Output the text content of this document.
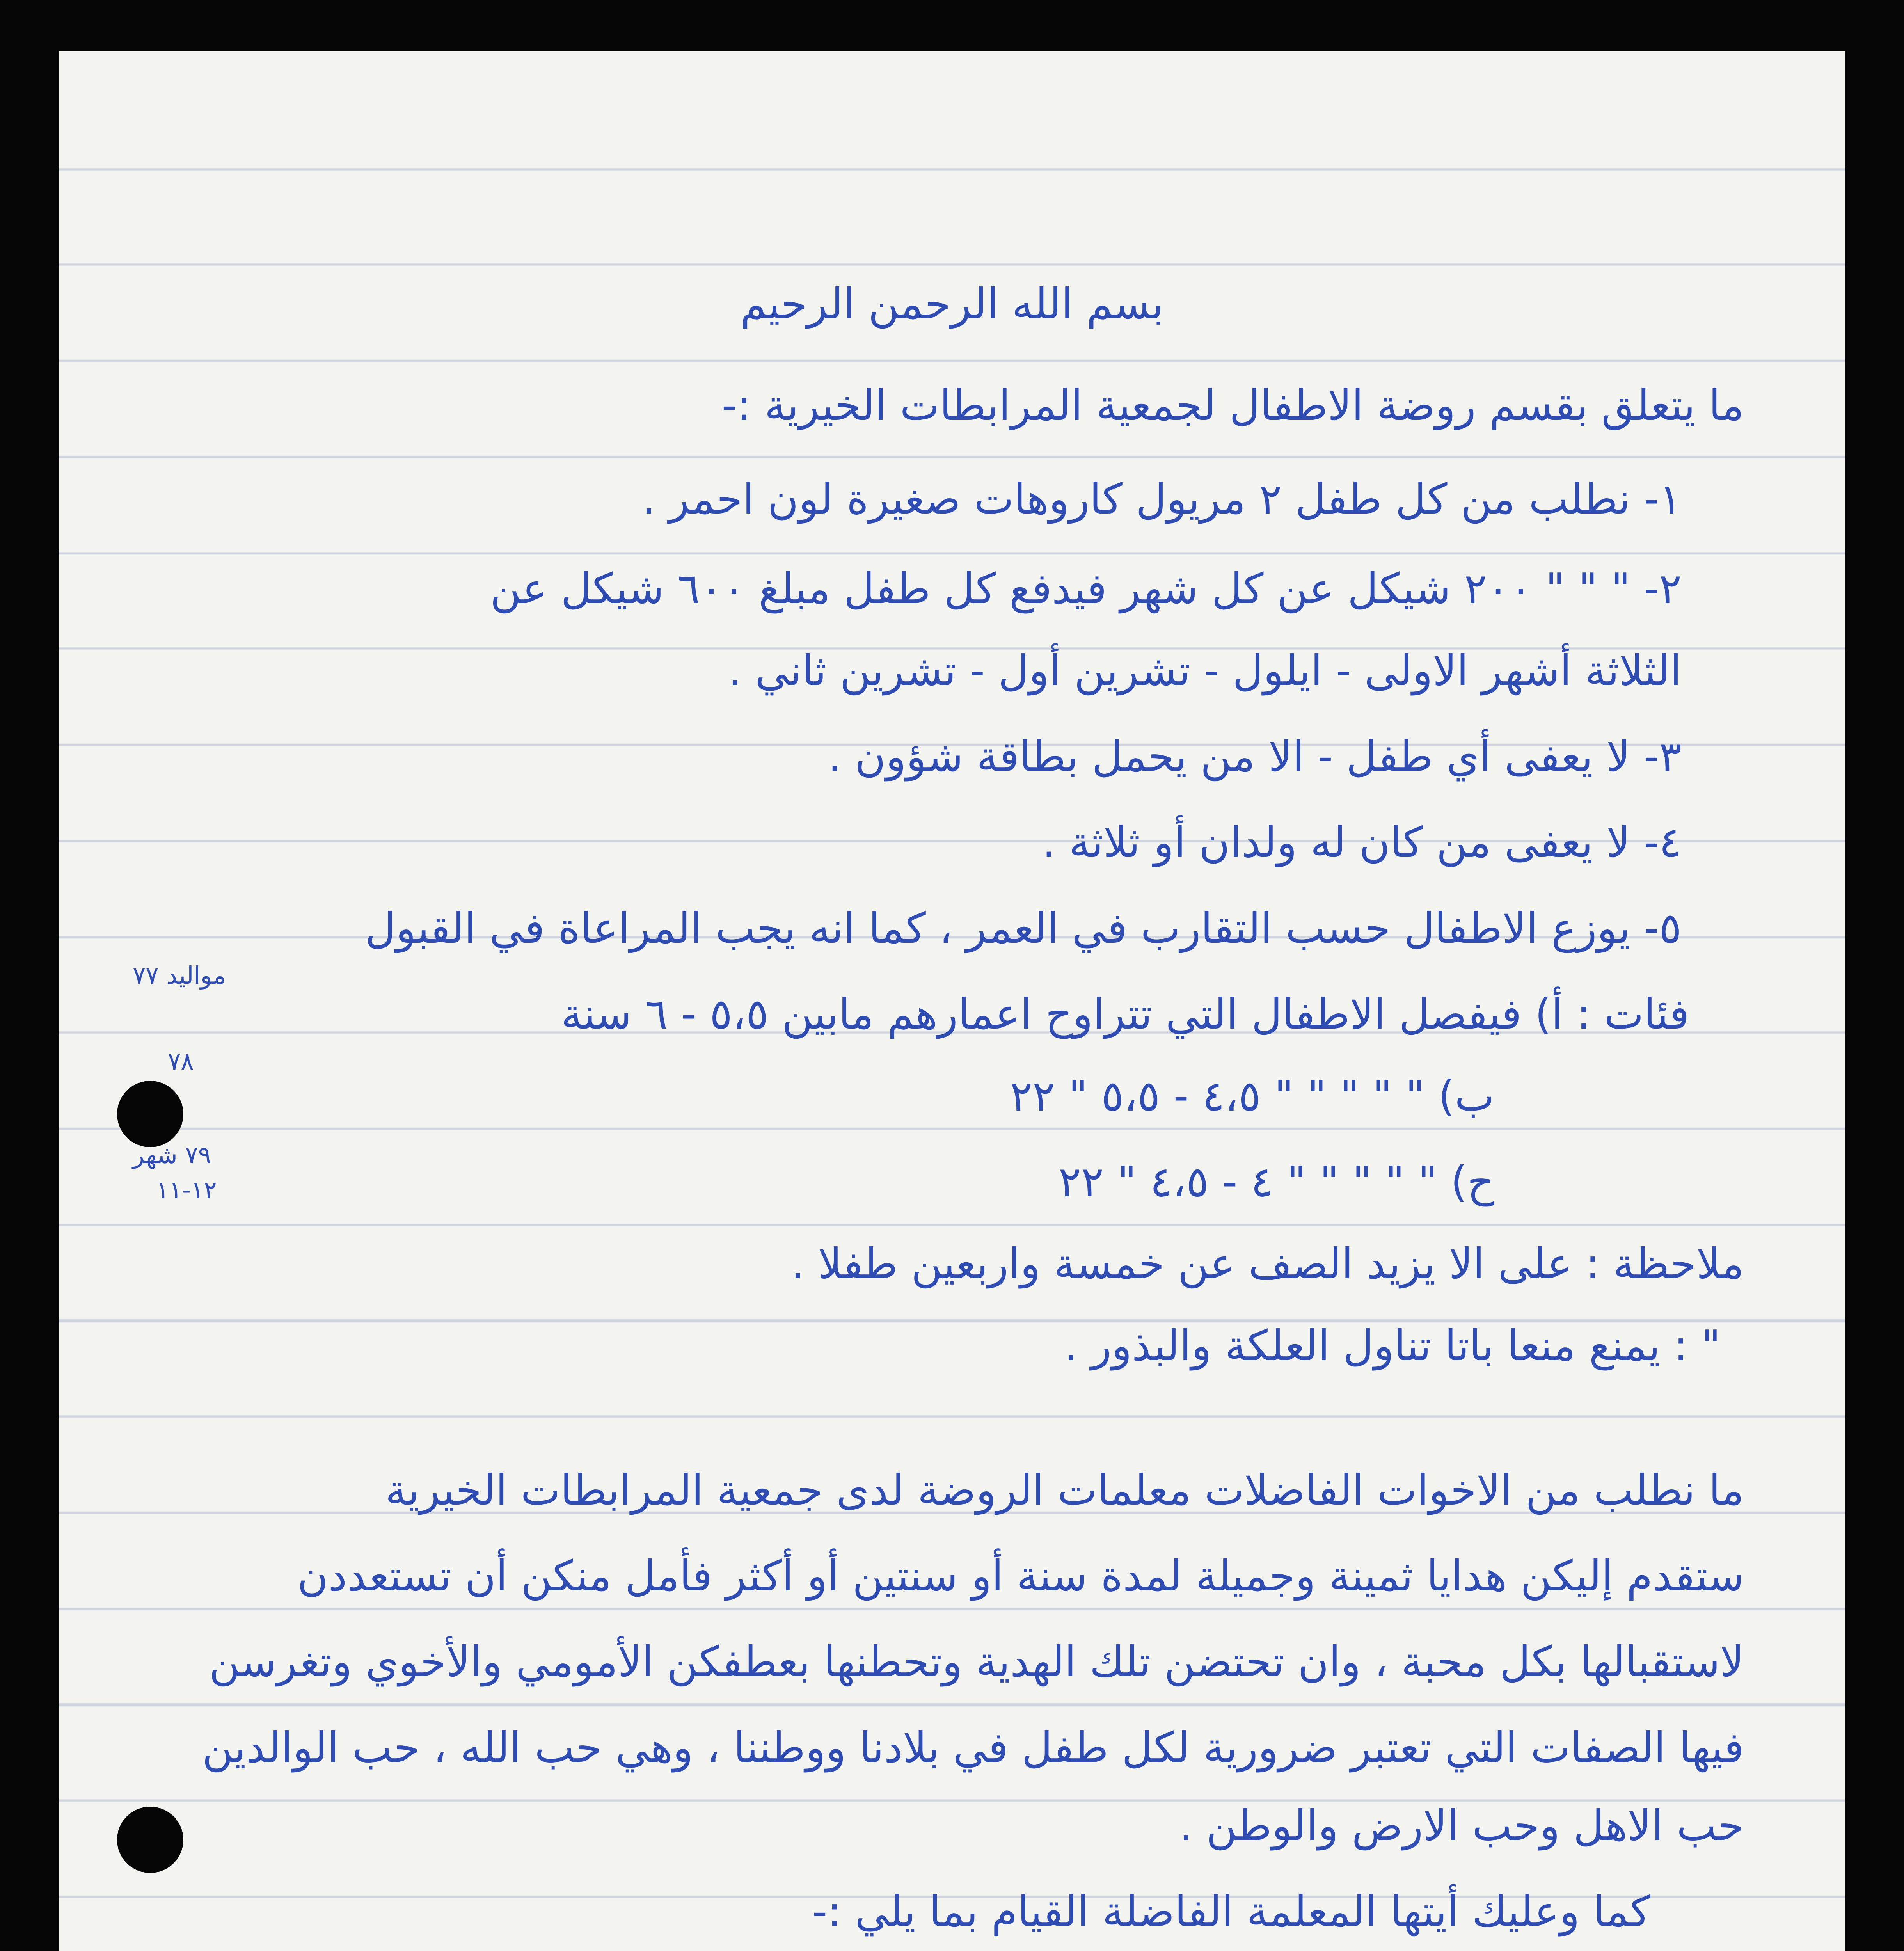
بسم الله الرحمن الرحيم
ما يتعلق بقسم روضة الاطفال لجمعية المرابطات الخيرية :-
١- نطلب من كل طفل ٢ مريول كاروهات صغيرة لون احمر .
٢- " " " ٢٠٠ شيكل عن كل شهر فيدفع كل طفل مبلغ ٦٠٠ شيكل عن
الثلاثة أشهر الاولى - ايلول - تشرين أول - تشرين ثاني .
٣- لا يعفى أي طفل - الا من يحمل بطاقة شؤون .
٤- لا يعفى من كان له ولدان أو ثلاثة .
٥- يوزع الاطفال حسب التقارب في العمر ، كما انه يجب المراعاة في القبول
فئات : أ) فيفصل الاطفال التي تتراوح اعمارهم مابين ٥،٥ - ٦ سنة
ب) " " " " " ٤،٥ - ٥،٥ " ٢٢
ح) " " " " " ٤ - ٤،٥ " ٢٢
ملاحظة : على الا يزيد الصف عن خمسة واربعين طفلا .
" : يمنع منعا باتا تناول العلكة والبذور .
مواليد ٧٧
٧٨
٧٩ شهر
١٢-١١
ما نطلب من الاخوات الفاضلات معلمات الروضة لدى جمعية المرابطات الخيرية
ستقدم إليكن هدايا ثمينة وجميلة لمدة سنة أو سنتين أو أكثر فأمل منكن أن تستعددن
لاستقبالها بكل محبة ، وان تحتضن تلك الهدية وتحطنها بعطفكن الأمومي والأخوي وتغرسن
فيها الصفات التي تعتبر ضرورية لكل طفل في بلادنا ووطننا ، وهي حب الله ، حب الوالدين
حب الاهل وحب الارض والوطن .
كما وعليك أيتها المعلمة الفاضلة القيام بما يلي :-
